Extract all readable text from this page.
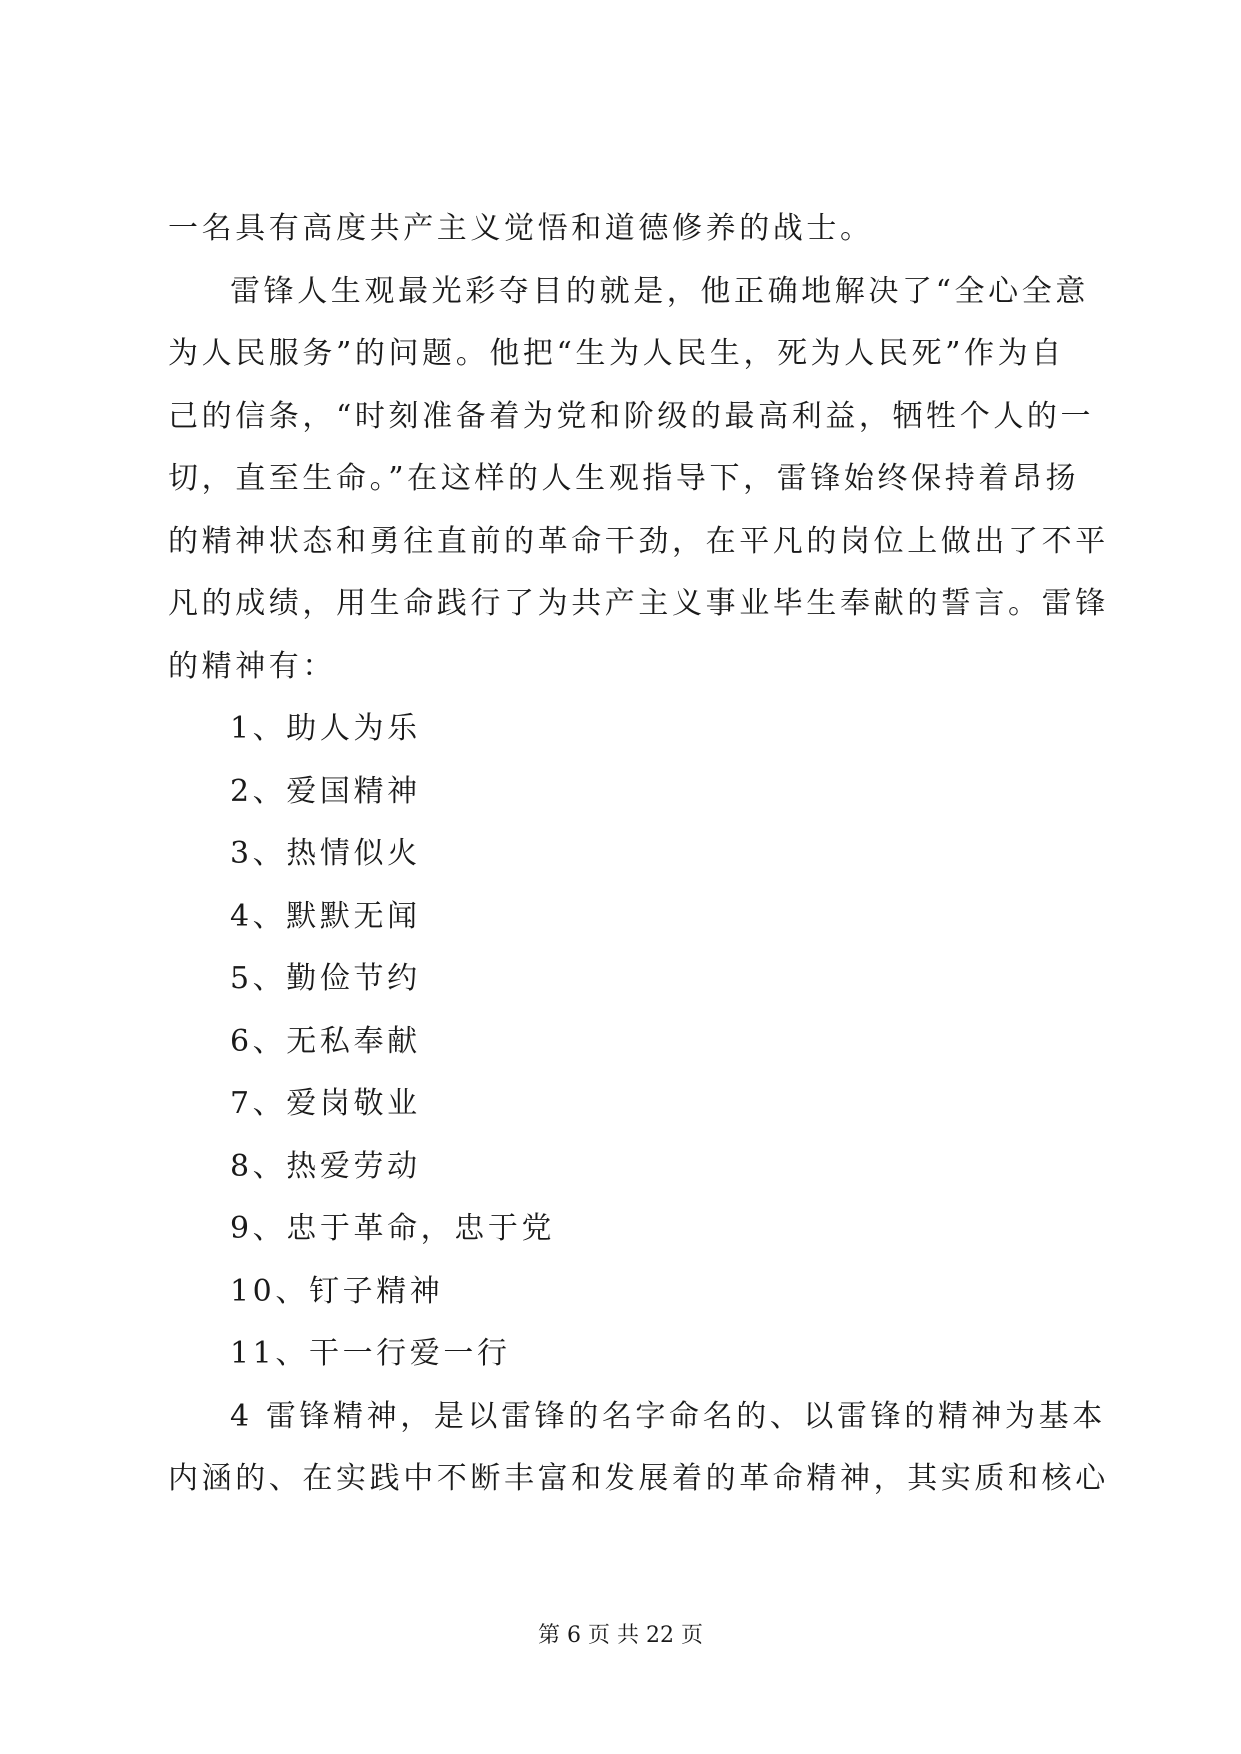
一名具有高度共产主义觉悟和道德修养的战士。
雷锋人生观最光彩夺目的就是，他正确地解决了“全心全意
为人民服务”的问题。他把“生为人民生，死为人民死”作为自
己的信条，“时刻准备着为党和阶级的最高利益，牺牲个人的一
切，直至生命。”在这样的人生观指导下，雷锋始终保持着昂扬
的精神状态和勇往直前的革命干劲，在平凡的岗位上做出了不平
凡的成绩，用生命践行了为共产主义事业毕生奉献的誓言。雷锋
的精神有：
1、助人为乐
2、爱国精神
3、热情似火
4、默默无闻
5、勤俭节约
6、无私奉献
7、爱岗敬业
8、热爱劳动
9、忠于革命，忠于党
10、钉子精神
11、干一行爱一行
4 雷锋精神，是以雷锋的名字命名的、以雷锋的精神为基本
内涵的、在实践中不断丰富和发展着的革命精神，其实质和核心
第 6 页 共 22 页
